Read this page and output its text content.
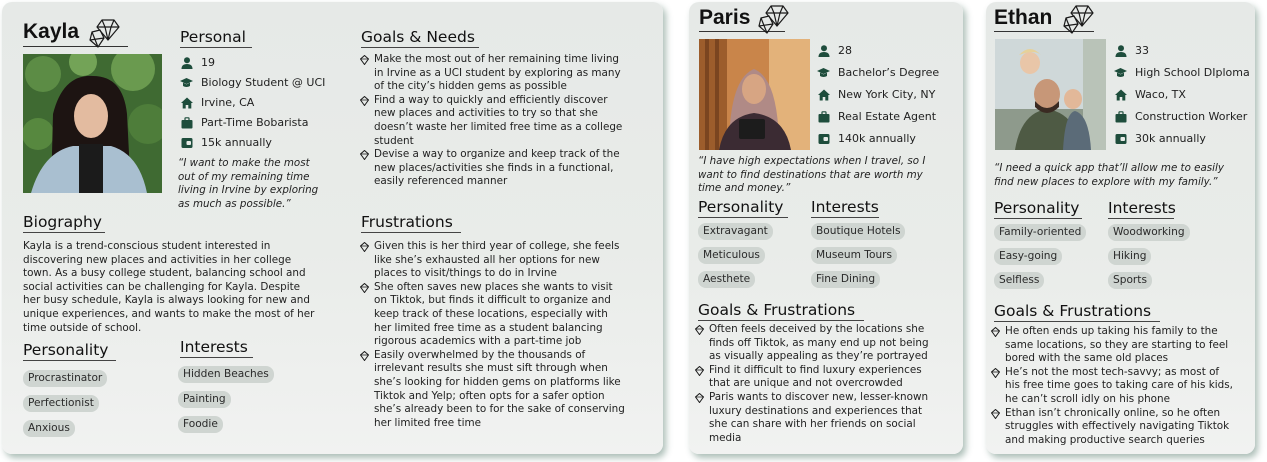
Kayla	Personal
19
Biology Student @ UCI
Irvine, CA
Part-Time Bobarista
15k annually
“I want to make the most
out of my remaining time
living in Irvine by exploring
as much as possible.”
Biography
Kayla is a trend-conscious student interested in
discovering new places and activities in her college
town. As a busy college student, balancing school and
social activities can be challenging for Kayla. Despite
her busy schedule, Kayla is always looking for new and
unique experiences, and wants to make the most of her
time outside of school.
Personality
Procrastinator
Perfectionist
Anxious
Interests
Hidden Beaches
Painting
Foodie
Goals & Needs
Make the most out of her remaining time living
in Irvine as a UCI student by exploring as many
of the city’s hidden gems as possible
Find a way to quickly and efficiently discover
new places and activities to try so that she
doesn’t waste her limited free time as a college
student
Devise a way to organize and keep track of the
new places/activities she finds in a functional,
easily referenced manner
Frustrations
Given this is her third year of college, she feels
like she’s exhausted all her options for new
places to visit/things to do in Irvine
She often saves new places she wants to visit
on Tiktok, but finds it difficult to organize and
keep track of these locations, especially with
her limited free time as a student balancing
rigorous academics with a part-time job
Easily overwhelmed by the thousands of
irrelevant results she must sift through when
she’s looking for hidden gems on platforms like
Tiktok and Yelp; often opts for a safer option
she’s already been to for the sake of conserving
her limited free time
Paris
28
Bachelor’s Degree
New York City, NY
Real Estate Agent
140k annually
“I have high expectations when I travel, so I
want to find destinations that are worth my
time and money.”
Personality
Extravagant
Meticulous
Aesthete
Interests
Boutique Hotels
Museum Tours
Fine Dining
Goals & Frustrations
Often feels deceived by the locations she
finds off Tiktok, as many end up not being
as visually appealing as they’re portrayed
Find it difficult to find luxury experiences
that are unique and not overcrowded
Paris wants to discover new, lesser-known
luxury destinations and experiences that
she can share with her friends on social
media
Ethan
33
High School DIploma
Waco, TX
Construction Worker
30k annually
“I need a quick app that’ll allow me to easily
find new places to explore with my family.”
Personality
Family-oriented
Easy-going
Selfless
Interests
Woodworking
Hiking
Sports
Goals & Frustrations
He often ends up taking his family to the
same locations, so they are starting to feel
bored with the same old places
He’s not the most tech-savvy; as most of
his free time goes to taking care of his kids,
he can’t scroll idly on his phone
Ethan isn’t chronically online, so he often
struggles with effectively navigating Tiktok
and making productive search queries
